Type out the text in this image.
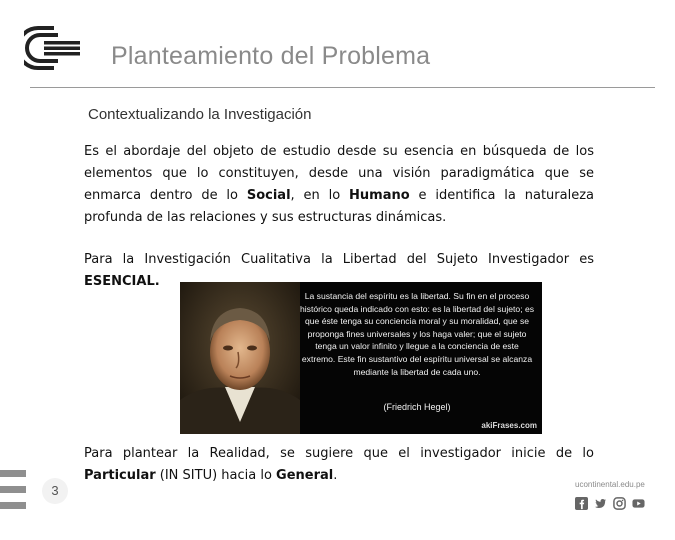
Planteamiento del Problema
Contextualizando la Investigación

Es el abordaje del objeto de estudio desde su esencia en búsqueda de los elementos que lo constituyen, desde una visión paradigmática que se enmarca dentro de lo Social, en lo Humano e identifica la naturaleza profunda de las relaciones y sus estructuras dinámicas.

Para la Investigación Cualitativa la Libertad del Sujeto Investigador es ESENCIAL.

La sustancia del espíritu es la libertad. Su fin en el proceso histórico queda indicado con esto: es la libertad del sujeto; es que éste tenga su conciencia moral y su moralidad, que se proponga fines universales y los haga valer; que el sujeto tenga un valor infinito y llegue a la conciencia de este extremo. Este fin sustantivo del espíritu universal se alcanza mediante la libertad de cada uno.

(Friedrich Hegel)
akiFrases.com

Para plantear la Realidad, se sugiere que el investigador inicie de lo Particular (IN SITU) hacia lo General.

3	ucontinental.edu.pe
